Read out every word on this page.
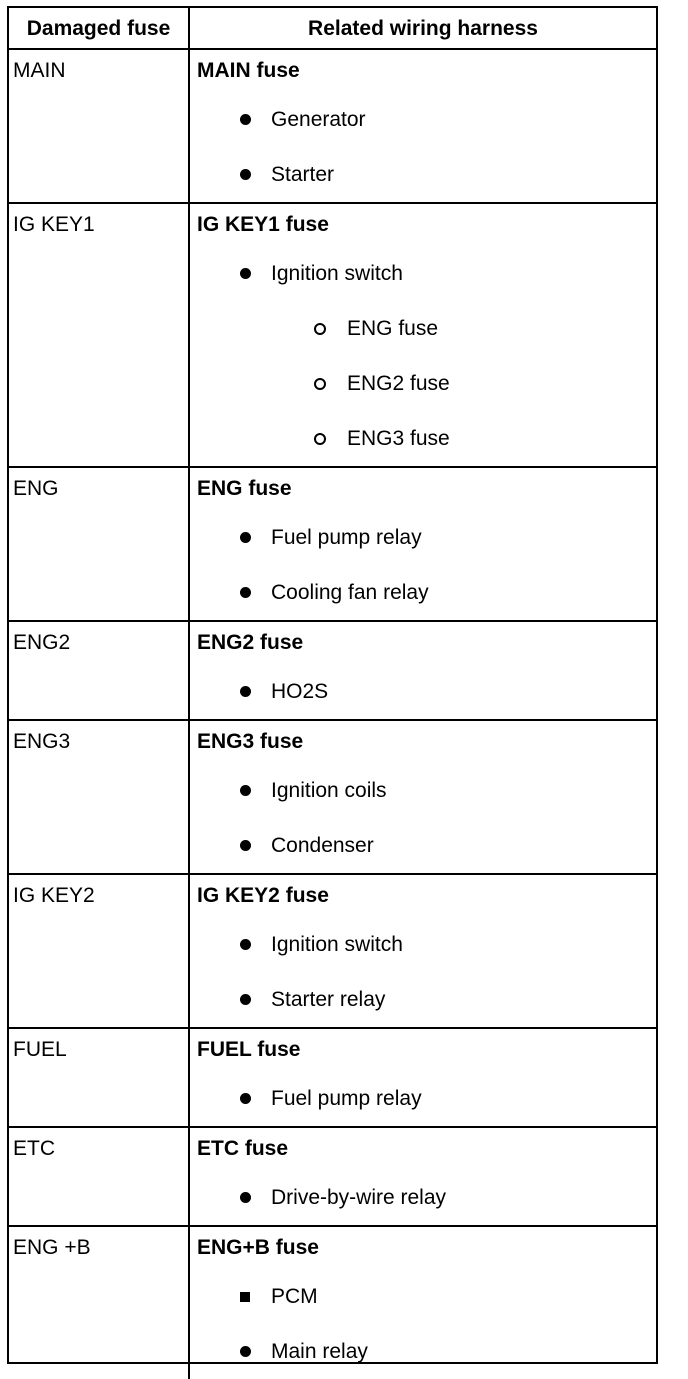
Damaged fuse	Related wiring harness
MAIN	MAIN fuse
Generator
Starter
IG KEY1	IG KEY1 fuse
Ignition switch
ENG fuse
ENG2 fuse
ENG3 fuse
ENG	ENG fuse
Fuel pump relay
Cooling fan relay
ENG2	ENG2 fuse
HO2S
ENG3	ENG3 fuse
Ignition coils
Condenser
IG KEY2	IG KEY2 fuse
Ignition switch
Starter relay
FUEL	FUEL fuse
Fuel pump relay
ETC	ETC fuse
Drive-by-wire relay
ENG +B	ENG+B fuse
PCM
Main relay
